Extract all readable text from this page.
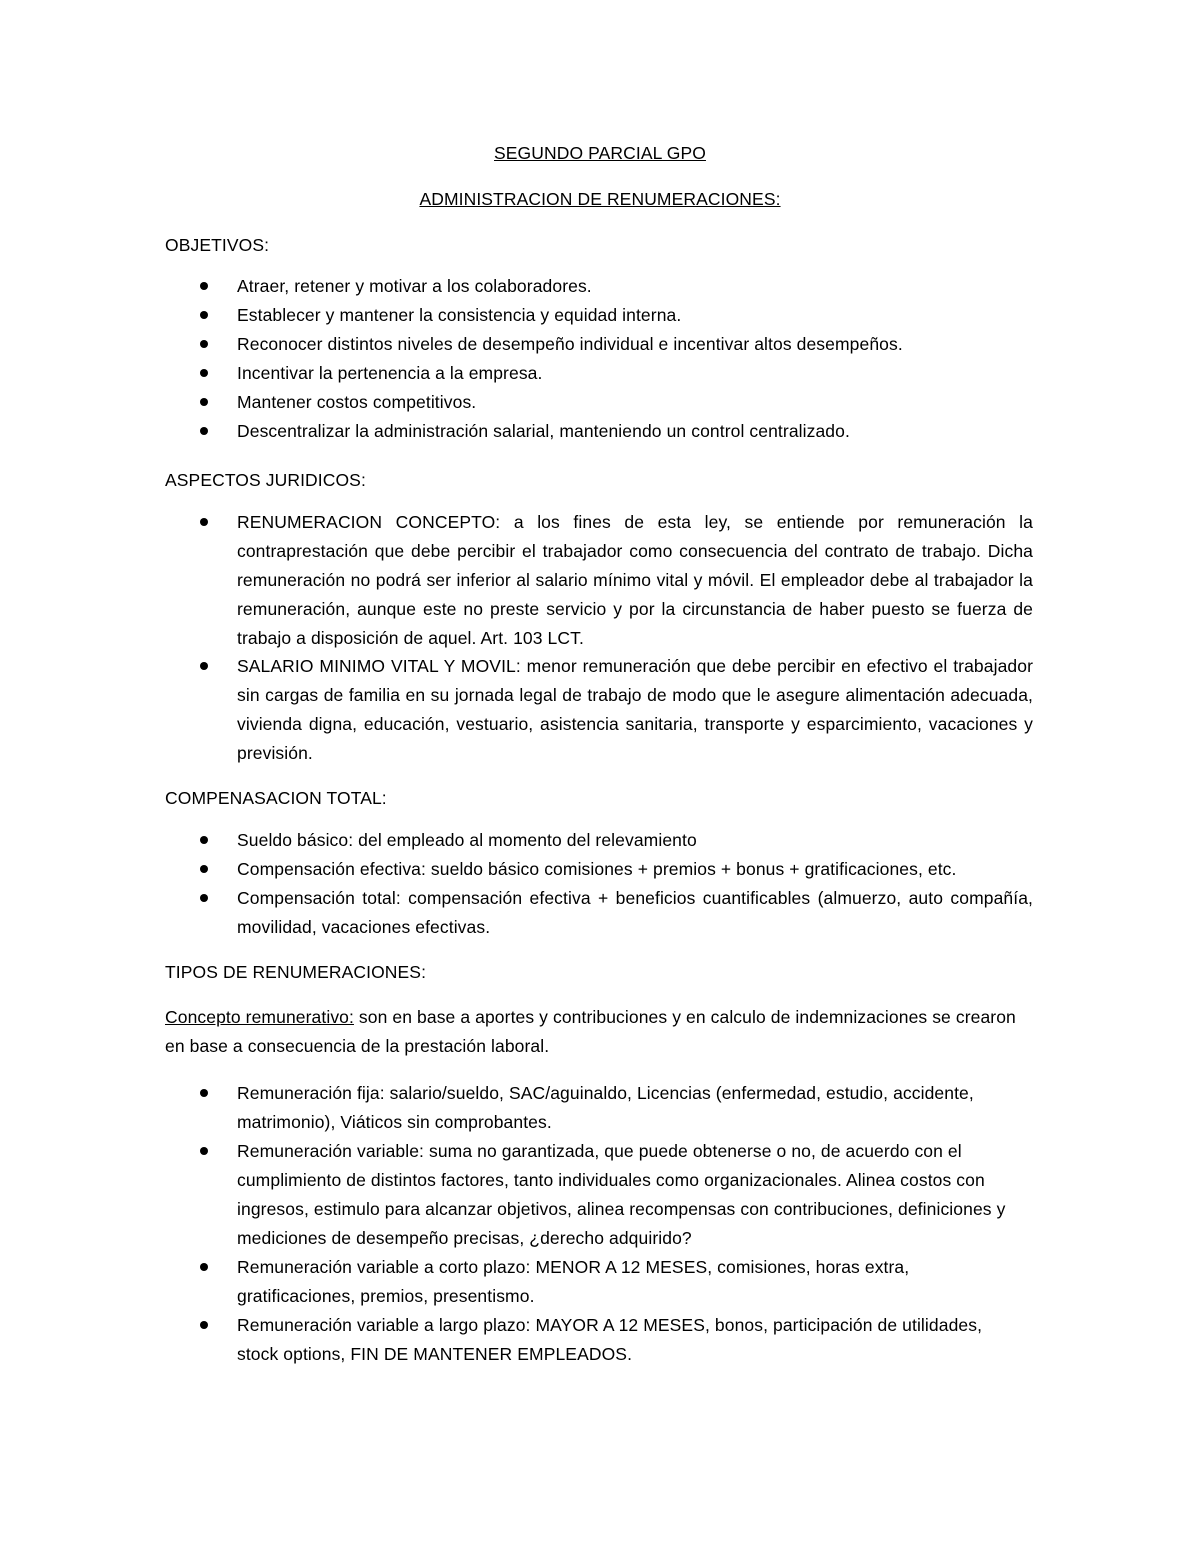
SEGUNDO PARCIAL GPO
ADMINISTRACION DE RENUMERACIONES:
OBJETIVOS:
Atraer, retener y motivar a los colaboradores.
Establecer y mantener la consistencia y equidad interna.
Reconocer distintos niveles de desempeño individual e incentivar altos desempeños.
Incentivar la pertenencia a la empresa.
Mantener costos competitivos.
Descentralizar la administración salarial, manteniendo un control centralizado.
ASPECTOS JURIDICOS:
RENUMERACION CONCEPTO: a los fines de esta ley, se entiende por remuneración la contraprestación que debe percibir el trabajador como consecuencia del contrato de trabajo. Dicha remuneración no podrá ser inferior al salario mínimo vital y móvil. El empleador debe al trabajador la remuneración, aunque este no preste servicio y por la circunstancia de haber puesto se fuerza de trabajo a disposición de aquel. Art. 103 LCT.
SALARIO MINIMO VITAL Y MOVIL: menor remuneración que debe percibir en efectivo el trabajador sin cargas de familia en su jornada legal de trabajo de modo que le asegure alimentación adecuada, vivienda digna, educación, vestuario, asistencia sanitaria, transporte y esparcimiento, vacaciones y previsión.
COMPENASACION TOTAL:
Sueldo básico: del empleado al momento del relevamiento
Compensación efectiva: sueldo básico comisiones + premios + bonus + gratificaciones, etc.
Compensación total: compensación efectiva + beneficios cuantificables (almuerzo, auto compañía, movilidad, vacaciones efectivas.
TIPOS DE RENUMERACIONES:
Concepto remunerativo: son en base a aportes y contribuciones y en calculo de indemnizaciones se crearon en base a consecuencia de la prestación laboral.
Remuneración fija: salario/sueldo, SAC/aguinaldo, Licencias (enfermedad, estudio, accidente, matrimonio), Viáticos sin comprobantes.
Remuneración variable: suma no garantizada, que puede obtenerse o no, de acuerdo con el cumplimiento de distintos factores, tanto individuales como organizacionales. Alinea costos con ingresos, estimulo para alcanzar objetivos, alinea recompensas con contribuciones, definiciones y mediciones de desempeño precisas, ¿derecho adquirido?
Remuneración variable a corto plazo: MENOR A 12 MESES, comisiones, horas extra, gratificaciones, premios, presentismo.
Remuneración variable a largo plazo: MAYOR A 12 MESES, bonos, participación de utilidades, stock options, FIN DE MANTENER EMPLEADOS.
